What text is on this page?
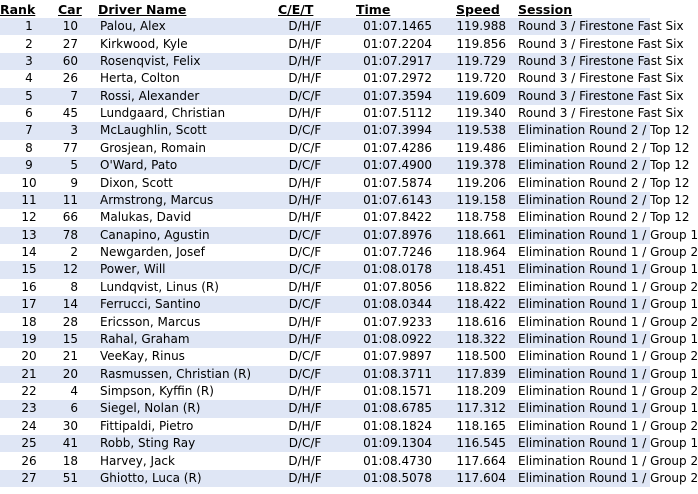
Rank	Car	Driver Name	C/E/T	Time	Speed	Session
1	10	Palou, Alex	D/H/F	01:07.1465	119.988	Round 3 / Firestone Fast Six
2	27	Kirkwood, Kyle	D/H/F	01:07.2204	119.856	Round 3 / Firestone Fast Six
3	60	Rosenqvist, Felix	D/H/F	01:07.2917	119.729	Round 3 / Firestone Fast Six
4	26	Herta, Colton	D/H/F	01:07.2972	119.720	Round 3 / Firestone Fast Six
5	7	Rossi, Alexander	D/C/F	01:07.3594	119.609	Round 3 / Firestone Fast Six
6	45	Lundgaard, Christian	D/H/F	01:07.5112	119.340	Round 3 / Firestone Fast Six
7	3	McLaughlin, Scott	D/C/F	01:07.3994	119.538	Elimination Round 2 / Top 12
8	77	Grosjean, Romain	D/C/F	01:07.4286	119.486	Elimination Round 2 / Top 12
9	5	O'Ward, Pato	D/C/F	01:07.4900	119.378	Elimination Round 2 / Top 12
10	9	Dixon, Scott	D/H/F	01:07.5874	119.206	Elimination Round 2 / Top 12
11	11	Armstrong, Marcus	D/H/F	01:07.6143	119.158	Elimination Round 2 / Top 12
12	66	Malukas, David	D/H/F	01:07.8422	118.758	Elimination Round 2 / Top 12
13	78	Canapino, Agustin	D/C/F	01:07.8976	118.661	Elimination Round 1 / Group 1
14	2	Newgarden, Josef	D/C/F	01:07.7246	118.964	Elimination Round 1 / Group 2
15	12	Power, Will	D/C/F	01:08.0178	118.451	Elimination Round 1 / Group 1
16	8	Lundqvist, Linus (R)	D/H/F	01:07.8056	118.822	Elimination Round 1 / Group 2
17	14	Ferrucci, Santino	D/C/F	01:08.0344	118.422	Elimination Round 1 / Group 1
18	28	Ericsson, Marcus	D/H/F	01:07.9233	118.616	Elimination Round 1 / Group 2
19	15	Rahal, Graham	D/H/F	01:08.0922	118.322	Elimination Round 1 / Group 1
20	21	VeeKay, Rinus	D/C/F	01:07.9897	118.500	Elimination Round 1 / Group 2
21	20	Rasmussen, Christian (R)	D/C/F	01:08.3711	117.839	Elimination Round 1 / Group 1
22	4	Simpson, Kyffin (R)	D/H/F	01:08.1571	118.209	Elimination Round 1 / Group 2
23	6	Siegel, Nolan (R)	D/H/F	01:08.6785	117.312	Elimination Round 1 / Group 1
24	30	Fittipaldi, Pietro	D/H/F	01:08.1824	118.165	Elimination Round 1 / Group 2
25	41	Robb, Sting Ray	D/C/F	01:09.1304	116.545	Elimination Round 1 / Group 1
26	18	Harvey, Jack	D/H/F	01:08.4730	117.664	Elimination Round 1 / Group 2
27	51	Ghiotto, Luca (R)	D/H/F	01:08.5078	117.604	Elimination Round 1 / Group 2
